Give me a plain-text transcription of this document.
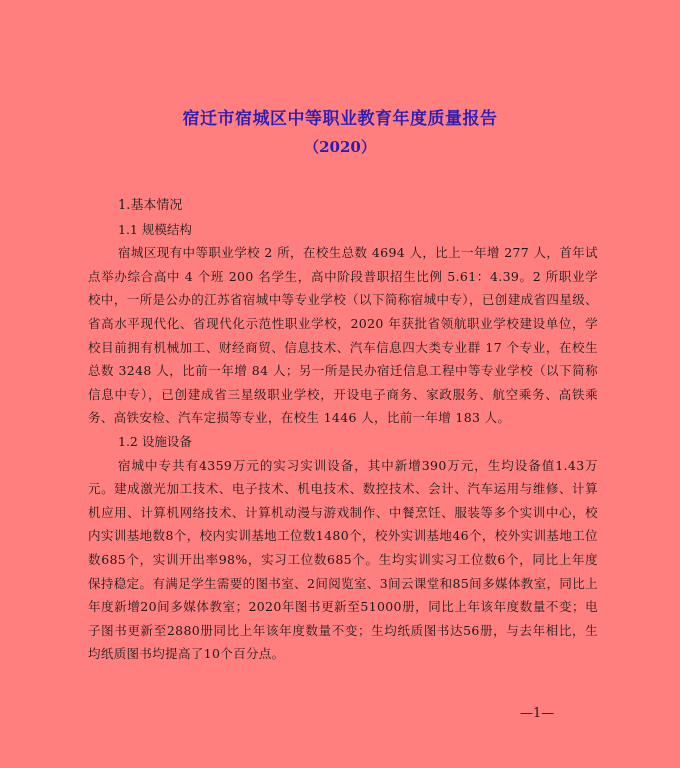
宿迁市宿城区中等职业教育年度质量报告
（2020）
1.基本情况
1.1 规模结构
宿城区现有中等职业学校 2 所，在校生总数 4694 人，比上一年增 277 人，首年试点举办综合高中 4 个班 200 名学生，高中阶段普职招生比例 5.61：4.39。2 所职业学校中，一所是公办的江苏省宿城中等专业学校（以下简称宿城中专），已创建成省四星级、省高水平现代化、省现代化示范性职业学校，2020 年获批省领航职业学校建设单位，学校目前拥有机械加工、财经商贸、信息技术、汽车信息四大类专业群 17 个专业，在校生总数 3248 人，比前一年增 84 人；另一所是民办宿迁信息工程中等专业学校（以下简称信息中专），已创建成省三星级职业学校，开设电子商务、家政服务、航空乘务、高铁乘务、高铁安检、汽车定损等专业，在校生 1446 人，比前一年增 183 人。
1.2 设施设备
宿城中专共有4359万元的实习实训设备，其中新增390万元，生均设备值1.43万元。建成激光加工技术、电子技术、机电技术、数控技术、会计、汽车运用与维修、计算机应用、计算机网络技术、计算机动漫与游戏制作、中餐烹饪、服装等多个实训中心，校内实训基地数8个，校内实训基地工位数1480个，校外实训基地46个，校外实训基地工位数685个，实训开出率98%，实习工位数685个。生均实训实习工位数6个，同比上年度保持稳定。有满足学生需要的图书室、2间阅览室、3间云课堂和85间多媒体教室，同比上年度新增20间多媒体教室；2020年图书更新至51000册，同比上年该年度数量不变；电子图书更新至2880册同比上年该年度数量不变；生均纸质图书达56册，与去年相比，生均纸质图书均提高了10个百分点。
—1—
